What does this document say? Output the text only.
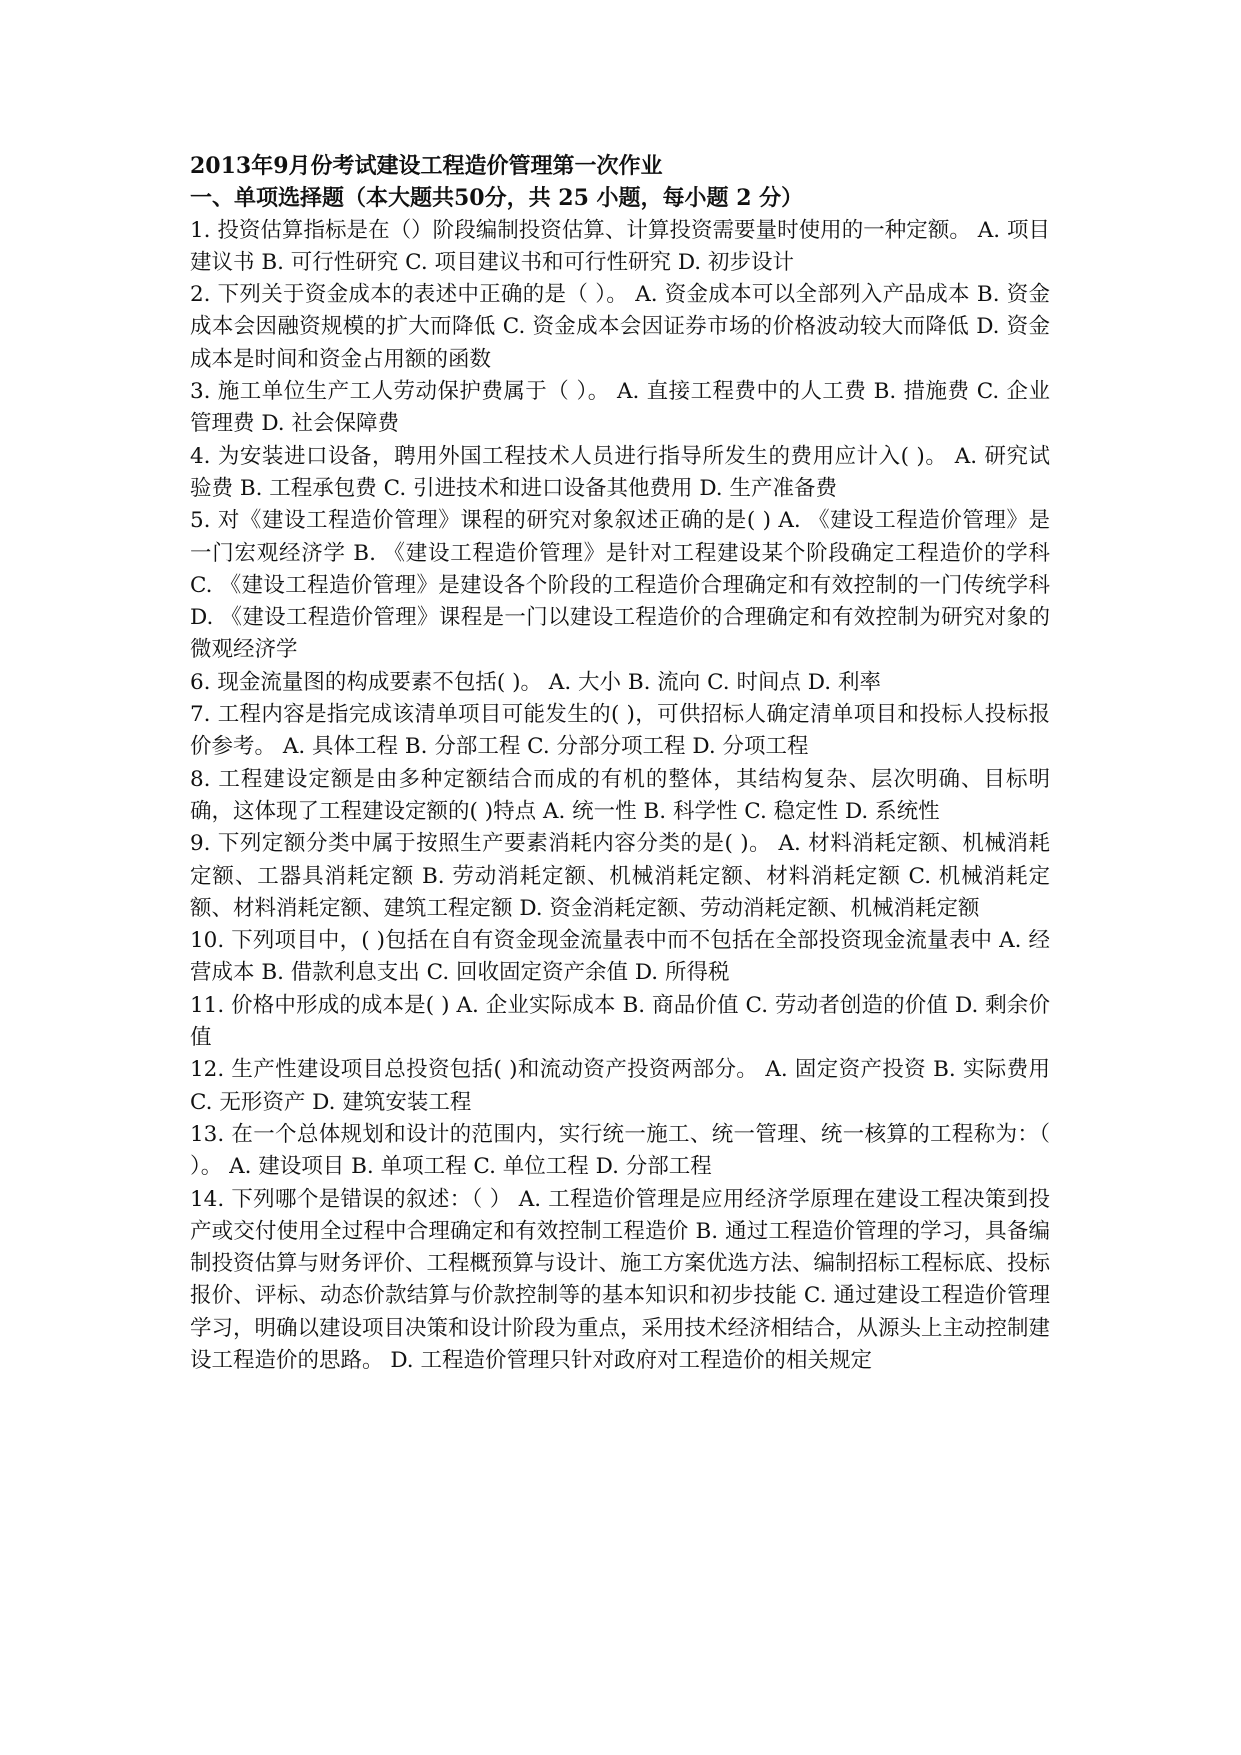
2013年9月份考试建设工程造价管理第一次作业

一、单项选择题（本大题共50分，共 25 小题，每小题 2 分）

1. 投资估算指标是在（）阶段编制投资估算、计算投资需要量时使用的一种定额。 A. 项目建议书 B. 可行性研究 C. 项目建议书和可行性研究 D. 初步设计

2. 下列关于资金成本的表述中正确的是（ ）。 A. 资金成本可以全部列入产品成本 B. 资金成本会因融资规模的扩大而降低 C. 资金成本会因证券市场的价格波动较大而降低 D. 资金成本是时间和资金占用额的函数

3. 施工单位生产工人劳动保护费属于（ ）。 A. 直接工程费中的人工费 B. 措施费 C. 企业管理费 D. 社会保障费

4. 为安装进口设备，聘用外国工程技术人员进行指导所发生的费用应计入( )。 A. 研究试验费 B. 工程承包费 C. 引进技术和进口设备其他费用 D. 生产准备费

5. 对《建设工程造价管理》课程的研究对象叙述正确的是( ) A. 《建设工程造价管理》是一门宏观经济学 B. 《建设工程造价管理》是针对工程建设某个阶段确定工程造价的学科 C. 《建设工程造价管理》是建设各个阶段的工程造价合理确定和有效控制的一门传统学科 D. 《建设工程造价管理》课程是一门以建设工程造价的合理确定和有效控制为研究对象的微观经济学

6. 现金流量图的构成要素不包括( )。 A. 大小 B. 流向 C. 时间点 D. 利率

7. 工程内容是指完成该清单项目可能发生的( )，可供招标人确定清单项目和投标人投标报价参考。 A. 具体工程 B. 分部工程 C. 分部分项工程 D. 分项工程

8. 工程建设定额是由多种定额结合而成的有机的整体，其结构复杂、层次明确、目标明确，这体现了工程建设定额的( )特点 A. 统一性 B. 科学性 C. 稳定性 D. 系统性

9. 下列定额分类中属于按照生产要素消耗内容分类的是( )。 A. 材料消耗定额、机械消耗定额、工器具消耗定额 B. 劳动消耗定额、机械消耗定额、材料消耗定额 C. 机械消耗定额、材料消耗定额、建筑工程定额 D. 资金消耗定额、劳动消耗定额、机械消耗定额

10. 下列项目中，( )包括在自有资金现金流量表中而不包括在全部投资现金流量表中 A. 经营成本 B. 借款利息支出 C. 回收固定资产余值 D. 所得税

11. 价格中形成的成本是( ) A. 企业实际成本 B. 商品价值 C. 劳动者创造的价值 D. 剩余价值

12. 生产性建设项目总投资包括( )和流动资产投资两部分。 A. 固定资产投资 B. 实际费用 C. 无形资产 D. 建筑安装工程

13. 在一个总体规划和设计的范围内，实行统一施工、统一管理、统一核算的工程称为：（ ）。 A. 建设项目 B. 单项工程 C. 单位工程 D. 分部工程

14. 下列哪个是错误的叙述：（ ） A. 工程造价管理是应用经济学原理在建设工程决策到投产或交付使用全过程中合理确定和有效控制工程造价 B. 通过工程造价管理的学习，具备编制投资估算与财务评价、工程概预算与设计、施工方案优选方法、编制招标工程标底、投标报价、评标、动态价款结算与价款控制等的基本知识和初步技能 C. 通过建设工程造价管理学习，明确以建设项目决策和设计阶段为重点，采用技术经济相结合，从源头上主动控制建设工程造价的思路。 D. 工程造价管理只针对政府对工程造价的相关规定
